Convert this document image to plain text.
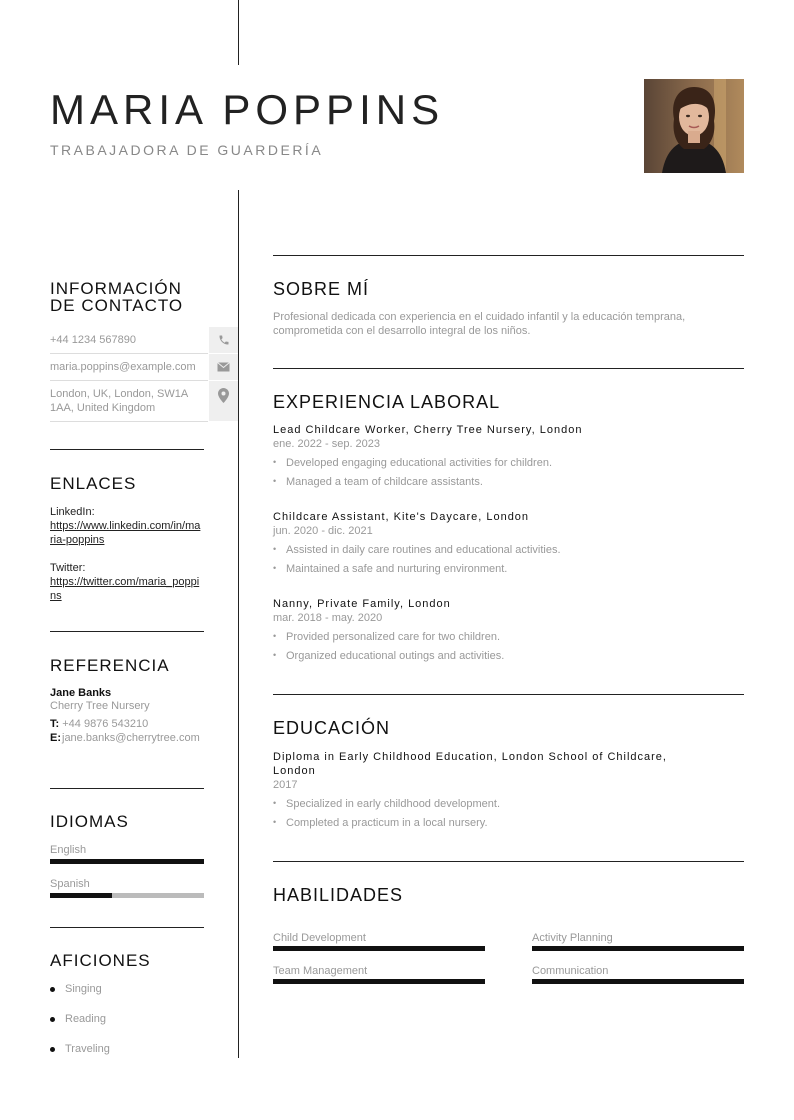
MARIA POPPINS
TRABAJADORA DE GUARDERÍA
INFORMACIÓN
DE CONTACTO
+44 1234 567890
maria.poppins@example.com
London, UK, London, SW1A 1AA, United Kingdom
ENLACES
LinkedIn:
https://www.linkedin.com/in/maria-poppins
Twitter:
https://twitter.com/maria_poppins
REFERENCIA
Jane Banks
Cherry Tree Nursery
T: +44 9876 543210
E: jane.banks@cherrytree.com
IDIOMAS
English
Spanish
AFICIONES
Singing
Reading
Traveling
SOBRE MÍ
Profesional dedicada con experiencia en el cuidado infantil y la educación temprana, comprometida con el desarrollo integral de los niños.
EXPERIENCIA LABORAL
Lead Childcare Worker, Cherry Tree Nursery, London
ene. 2022 - sep. 2023
• Developed engaging educational activities for children.
• Managed a team of childcare assistants.
Childcare Assistant, Kite's Daycare, London
jun. 2020 - dic. 2021
• Assisted in daily care routines and educational activities.
• Maintained a safe and nurturing environment.
Nanny, Private Family, London
mar. 2018 - may. 2020
• Provided personalized care for two children.
• Organized educational outings and activities.
EDUCACIÓN
Diploma in Early Childhood Education, London School of Childcare, London
2017
• Specialized in early childhood development.
• Completed a practicum in a local nursery.
HABILIDADES
Child Development	Activity Planning
Team Management	Communication
